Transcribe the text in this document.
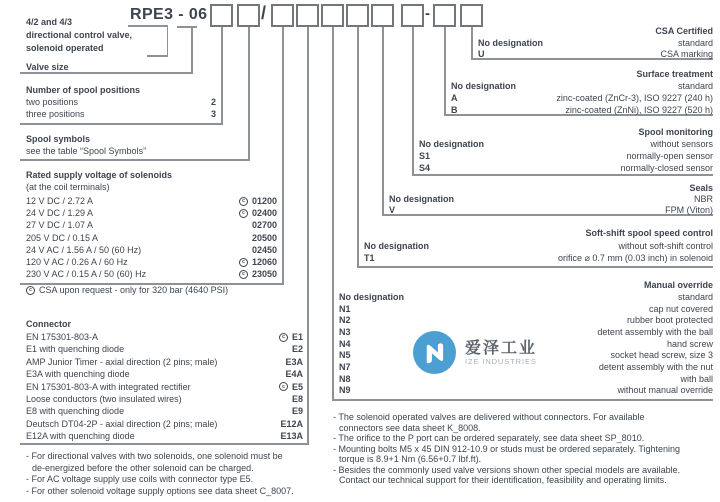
RPE3 - 06	/	-
4/2 and 4/3
directional control valve,
solenoid operated
Valve size
Number of spool positions
two positions	2
three positions	3
Spool symbols
see the table “Spool Symbols”
Rated supply voltage of solenoids
(at the coil terminals)
12 V DC / 2.72 A	c 01200
24 V DC / 1.29 A	c 02400
27 V DC / 1.07 A	02700
205 V DC / 0.15 A	20500
24 V AC / 1.56 A / 50 (60 Hz)	02450
120 V AC / 0.26 A / 60 Hz	c 12060
230 V AC / 0.15 A / 50 (60) Hz	c 23050
c CSA upon request - only for 320 bar (4640 PSI)
Connector
EN 175301-803-A	c E1
E1 with quenching diode	E2
AMP Junior Timer - axial direction (2 pins; male)	E3A
E3A with quenching diode	E4A
EN 175301-803-A with integrated rectifier	c E5
Loose conductors (two insulated wires)	E8
E8 with quenching diode	E9
Deutsch DT04-2P - axial direction (2 pins; male)	E12A
E12A with quenching diode	E13A
- For directional valves with two solenoids, one solenoid must be
de-energized before the other solenoid can be charged.
- For AC voltage supply use coils with connector type E5.
- For other solenoid voltage supply options see data sheet C_8007.
CSA Certified
No designation	standard
U	CSA marking
Surface treatment
No designation	standard
A	zinc-coated (ZnCr-3), ISO 9227 (240 h)
B	zinc-coated (ZnNi), ISO 9227 (520 h)
Spool monitoring
No designation	without sensors
S1	normally-open sensor
S4	normally-closed sensor
Seals
No designation	NBR
V	FPM (Viton)
Soft-shift spool speed control
No designation	without soft-shift control
T1	orifice ⌀ 0.7 mm (0.03 inch) in solenoid
Manual override
No designation	standard
N1	cap nut covered
N2	rubber boot protected
N3	detent assembly with the ball
N4	hand screw
N5	socket head screw, size 3
N7	detent assembly with the nut
N8	with ball
N9	without manual override
- The solenoid operated valves are delivered without connectors. For available
connectors see data sheet K_8008.
- The orifice to the P port can be ordered separately, see data sheet SP_8010.
- Mounting bolts M5 x 45 DIN 912-10.9 or studs must be ordered separately. Tightening
torque is 8.9+1 Nm (6.56+0.7 lbf.ft).
- Besides the commonly used valve versions shown other special models are available.
Contact our technical support for their identification, feasibility and operating limits.
爱泽工业
IZE INDUSTRIES
